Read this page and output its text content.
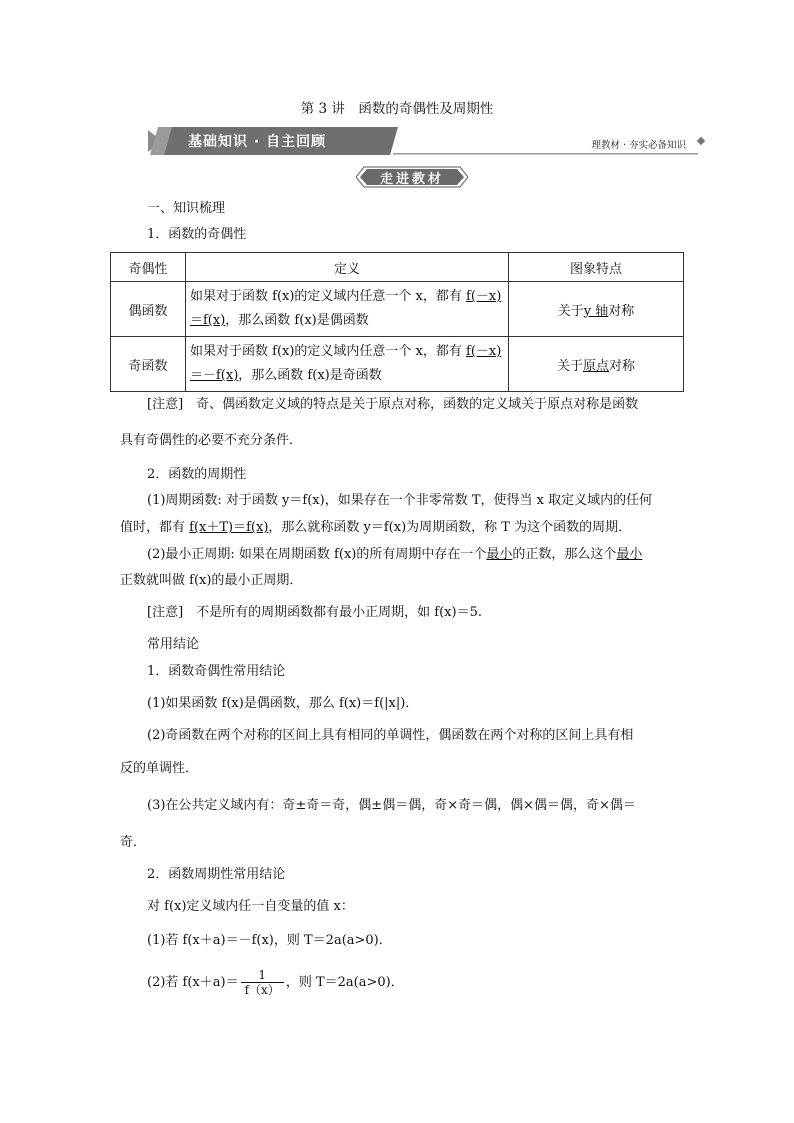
第 3 讲　函数的奇偶性及周期性
基础知识 · 自主回顾	理教材 · 夯实必备知识
走进教材
一、知识梳理
1．函数的奇偶性
奇偶性	定义	图象特点
偶函数	如果对于函数 f(x)的定义域内任意一个 x，都有 f(－x)＝f(x)，那么函数 f(x)是偶函数	关于y 轴对称
奇函数	如果对于函数 f(x)的定义域内任意一个 x，都有 f(－x)＝－f(x)，那么函数 f(x)是奇函数	关于原点对称
[注意]　奇、偶函数定义域的特点是关于原点对称，函数的定义域关于原点对称是函数
具有奇偶性的必要不充分条件．
2．函数的周期性
(1)周期函数: 对于函数 y＝f(x)，如果存在一个非零常数 T，使得当 x 取定义域内的任何
值时，都有 f(x＋T)＝f(x)，那么就称函数 y＝f(x)为周期函数，称 T 为这个函数的周期．
(2)最小正周期: 如果在周期函数 f(x)的所有周期中存在一个最小的正数，那么这个最小
正数就叫做 f(x)的最小正周期．
[注意]　不是所有的周期函数都有最小正周期，如 f(x)＝5.
常用结论
1．函数奇偶性常用结论
(1)如果函数 f(x)是偶函数，那么 f(x)＝f(|x|)．
(2)奇函数在两个对称的区间上具有相同的单调性，偶函数在两个对称的区间上具有相
反的单调性．
(3)在公共定义域内有：奇±奇＝奇，偶±偶＝偶，奇×奇＝偶，偶×偶＝偶，奇×偶＝
奇．
2．函数周期性常用结论
对 f(x)定义域内任一自变量的值 x：
(1)若 f(x＋a)＝－f(x)，则 T＝2a(a>0)．
(2)若 $f(x+a)= \frac{1}{f(x)}$ ，则 T＝2a(a>0)．
